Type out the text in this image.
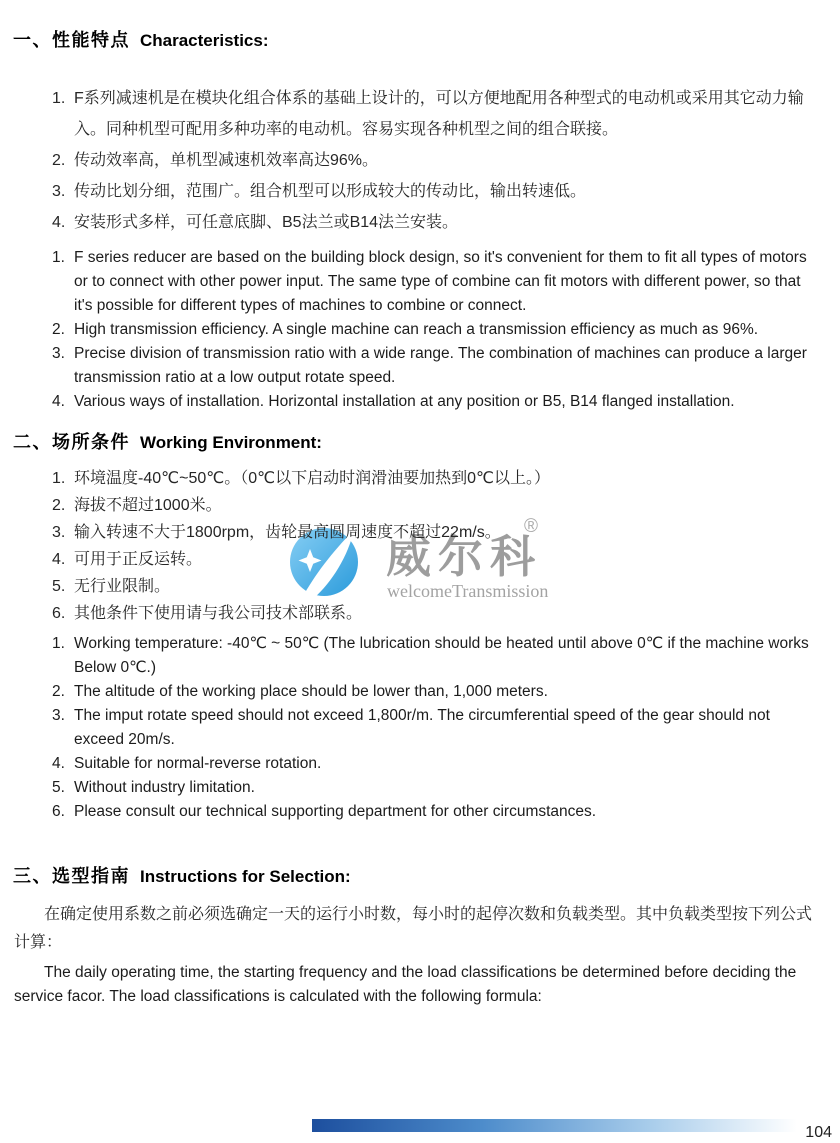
威尔科
®
welcomeTransmission
一、性能特点 Characteristics:
1. F系列减速机是在模块化组合体系的基础上设计的，可以方便地配用各种型式的电动机或采用其它动力输入。同种机型可配用多种功率的电动机。容易实现各种机型之间的组合联接。
2. 传动效率高，单机型减速机效率高达96%。
3. 传动比划分细，范围广。组合机型可以形成较大的传动比，输出转速低。
4. 安装形式多样，可任意底脚、B5法兰或B14法兰安装。
1. F series reducer are based on the building block design, so it's convenient for them to fit all types of motors or to connect with other power input. The same type of combine can fit motors with different power, so that it's possible for different types of machines to combine or connect.
2. High transmission efficiency. A single machine can reach a transmission efficiency as much as 96%.
3. Precise division of transmission ratio with a wide range. The combination of machines can produce a larger transmission ratio at a low output rotate speed.
4. Various ways of installation. Horizontal installation at any position or B5, B14 flanged installation.
二、场所条件 Working Environment:
1. 环境温度-40℃~50℃。（0℃以下启动时润滑油要加热到0℃以上。）
2. 海拔不超过1000米。
3. 输入转速不大于1800rpm，齿轮最高圆周速度不超过22m/s。
4. 可用于正反运转。
5. 无行业限制。
6. 其他条件下使用请与我公司技术部联系。
1. Working temperature: -40℃ ~ 50℃ (The lubrication should be heated until above 0℃ if the machine works Below 0℃.)
2. The altitude of the working place should be lower than, 1,000 meters.
3. The imput rotate speed should not exceed 1,800r/m. The circumferential speed of the gear should not exceed 20m/s.
4. Suitable for normal-reverse rotation.
5. Without industry limitation.
6. Please consult our technical supporting department for other circumstances.
三、选型指南 Instructions for Selection:
在确定使用系数之前必须选确定一天的运行小时数，每小时的起停次数和负载类型。其中负载类型按下列公式计算：
The daily operating time, the starting frequency and the load classifications be determined before deciding the service facor. The load classifications is calculated with the following formula:
104
